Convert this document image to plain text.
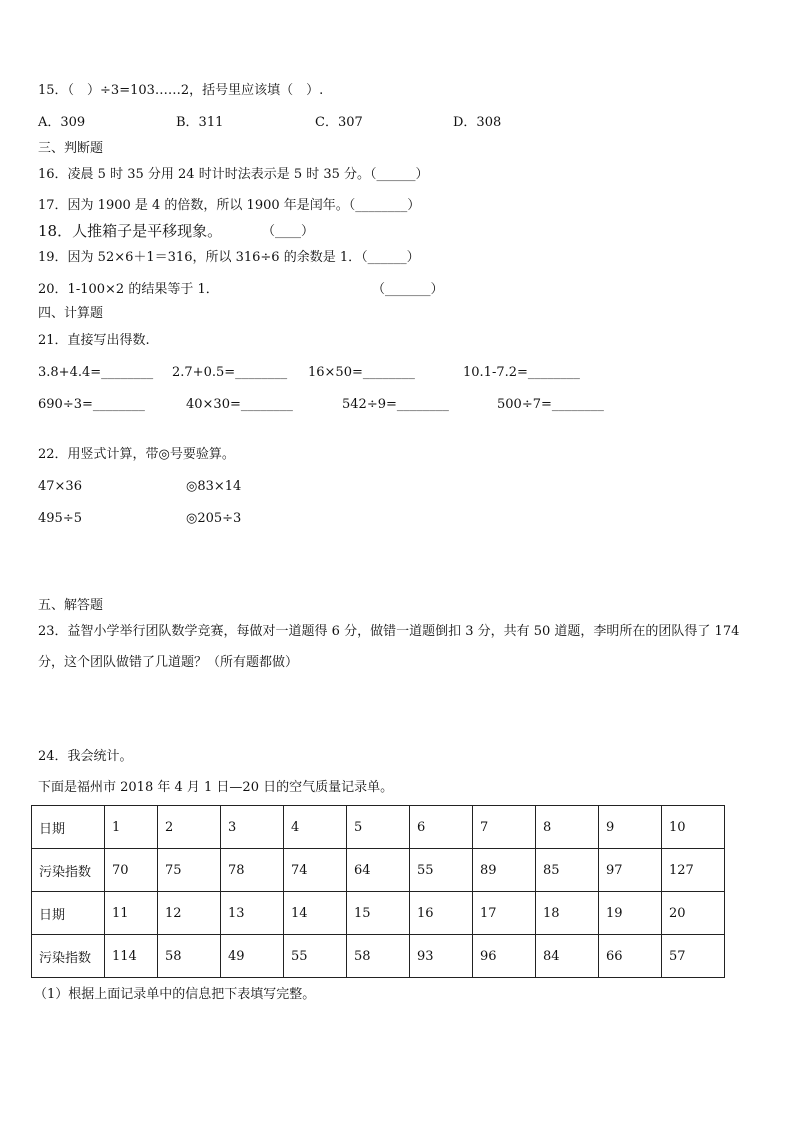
15．（　）÷3=103……2，括号里应该填（　）.
A．309	B．311	C．307	D．308
三、判断题
16．凌晨 5 时 35 分用 24 时计时法表示是 5 时 35 分。（______）
17．因为 1900 是 4 的倍数，所以 1900 年是闰年。（________）
18．人推箱子是平移现象。	（____）
19．因为 52×6＋1＝316，所以 316÷6 的余数是 1．（______）
20．1-100×2 的结果等于 1．	（_______）
四、计算题
21．直接写出得数.
3.8+4.4=________ 2.7+0.5=________ 16×50=________	10.1-7.2=________
690÷3=________	40×30=________	542÷9=________	500÷7=________
22．用竖式计算，带◎号要验算。
47×36	◎83×14
495÷5	◎205÷3
五、解答题
23．益智小学举行团队数学竞赛，每做对一道题得 6 分，做错一道题倒扣 3 分，共有 50 道题，李明所在的团队得了 174
分，这个团队做错了几道题？（所有题都做）
24．我会统计。
下面是福州市 2018 年 4 月 1 日—20 日的空气质量记录单。
日期	1	2	3	4	5	6	7	8	9	10
污染指数	70	75	78	74	64	55	89	85	97	127
日期	11	12	13	14	15	16	17	18	19	20
污染指数	114	58	49	55	58	93	96	84	66	57
（1）根据上面记录单中的信息把下表填写完整。
